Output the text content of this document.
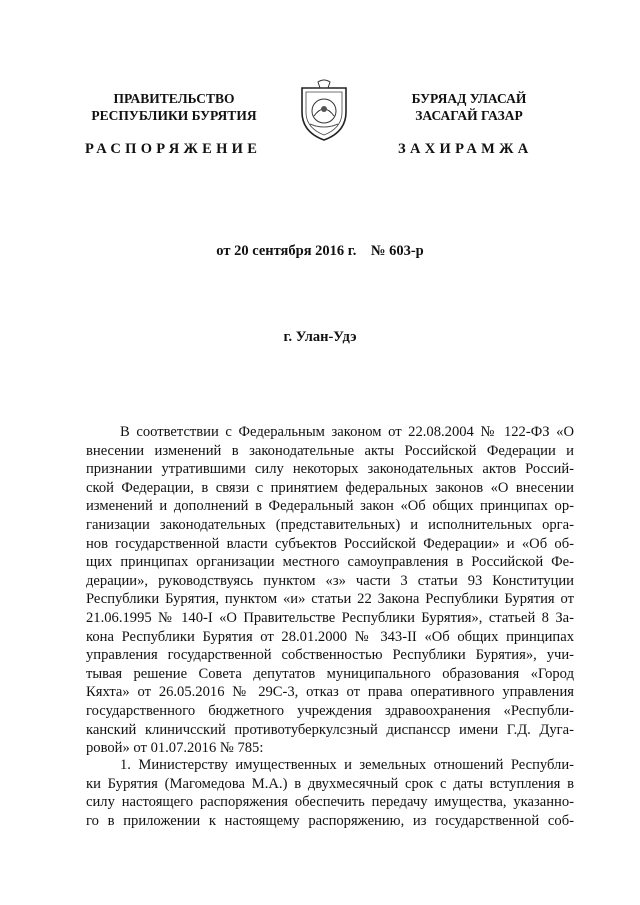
ПРАВИТЕЛЬСТВО
РЕСПУБЛИКИ БУРЯТИЯ
БУРЯАД УЛАСАЙ
ЗАСАГАЙ ГАЗАР
РАСПОРЯЖЕНИЕ	ЗАХИРАМЖА
от 20 сентября 2016 г.    № 603-р
г. Улан-Удэ
В соответствии с Федеральным законом от 22.08.2004 № 122-ФЗ «О
внесении изменений в законодательные акты Российской Федерации и
признании утратившими силу некоторых законодательных актов Россий-
ской Федерации, в связи с принятием федеральных законов «О внесении
изменений и дополнений в Федеральный закон «Об общих принципах ор-
ганизации законодательных (представительных) и исполнительных орга-
нов государственной власти субъектов Российской Федерации» и «Об об-
щих принципах организации местного самоуправления в Российской Фе-
дерации», руководствуясь пунктом «з» части 3 статьи 93 Конституции
Республики Бурятия, пунктом «и» статьи 22 Закона Республики Бурятия от
21.06.1995 № 140-I «О Правительстве Республики Бурятия», статьей 8 За-
кона Республики Бурятия от 28.01.2000 № 343-II «Об общих принципах
управления государственной собственностью Республики Бурятия», учи-
тывая решение Совета депутатов муниципального образования «Город
Кяхта» от 26.05.2016 № 29С-3, отказ от права оперативного управления
государственного бюджетного учреждения здравоохранения «Республи-
канский клиничсский противотуберкулсзный диспансср имени Г.Д. Дуга-
ровой» от 01.07.2016 № 785:
1. Министерству имущественных и земельных отношений Республи-
ки Бурятия (Магомедова М.А.) в двухмесячный срок с даты вступления в
силу настоящего распоряжения обеспечить передачу имущества, указанно-
го в приложении к настоящему распоряжению, из государственной соб-
